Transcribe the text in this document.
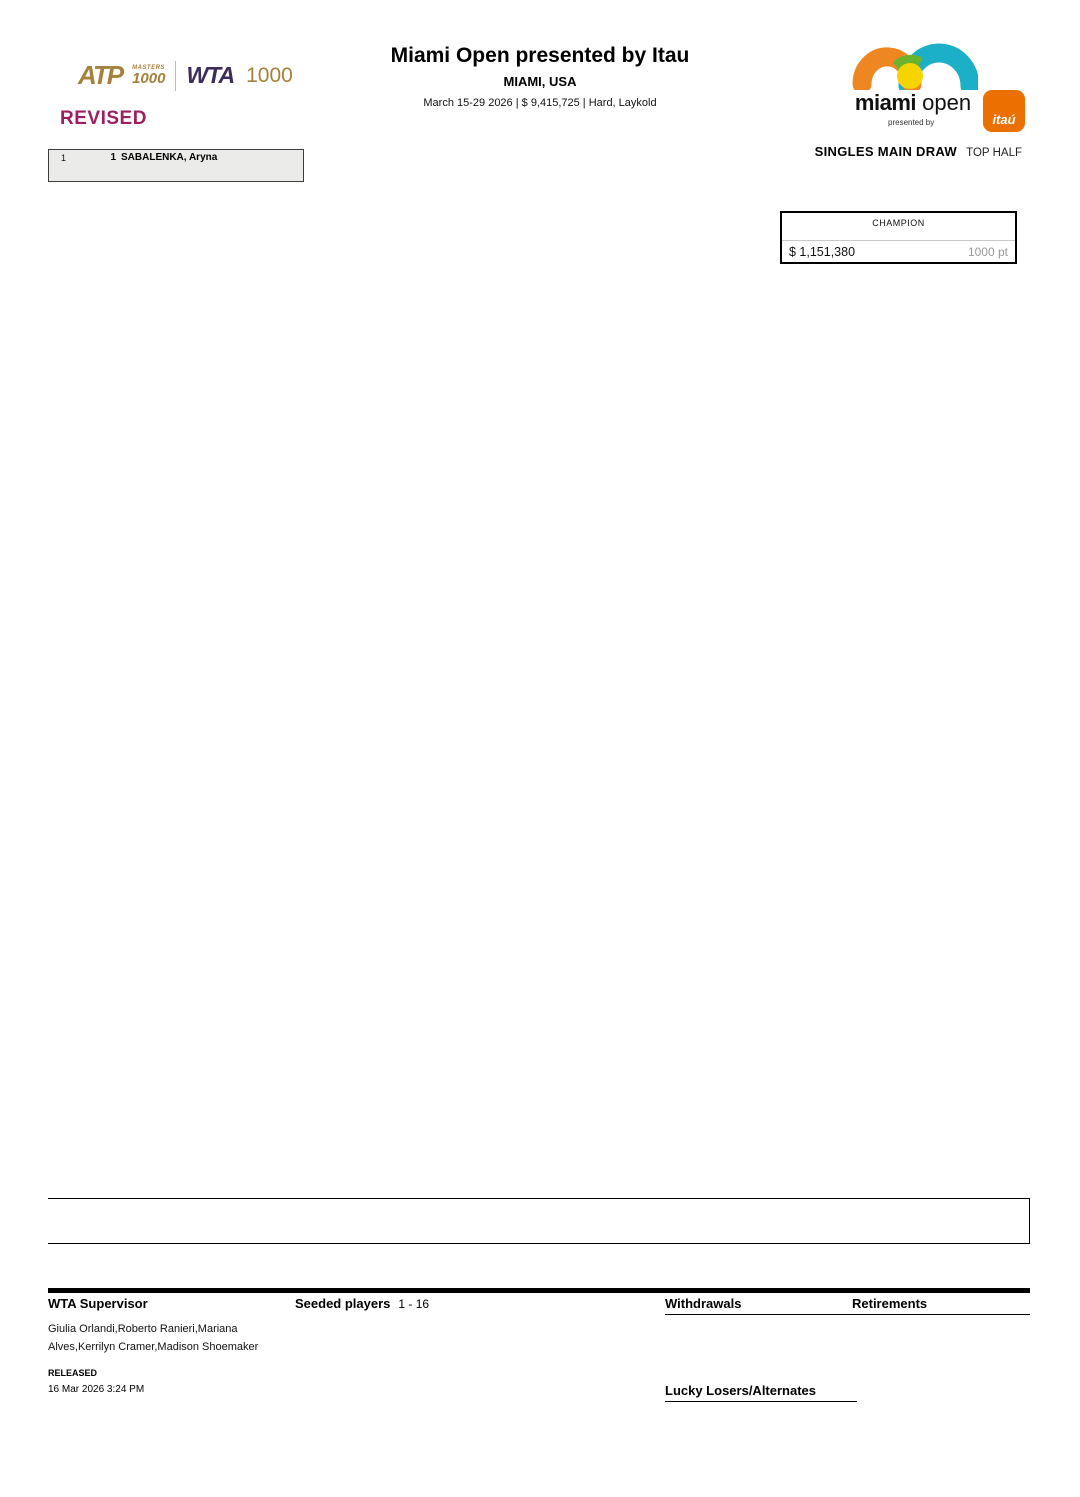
ATP MASTERS
1000 WTA 1000
REVISED
Miami Open presented by Itau
MIAMI, USA
March 15-29 2026 | $ 9,415,725 | Hard, Laykold	miami open
presented by	itaú
SINGLES MAIN DRAW TOP HALF
CHAMPION
$ 1,151,380	1000 pt
1	1 SABALENKA, Aryna
WTA Supervisor
Giulia Orlandi,Roberto Ranieri,Mariana Alves,Kerrilyn Cramer,Madison Shoemaker
RELEASED
16 Mar 2026 3:24 PM
Seeded players 1 - 16	Withdrawals	Retirements
Lucky Losers/Alternates
